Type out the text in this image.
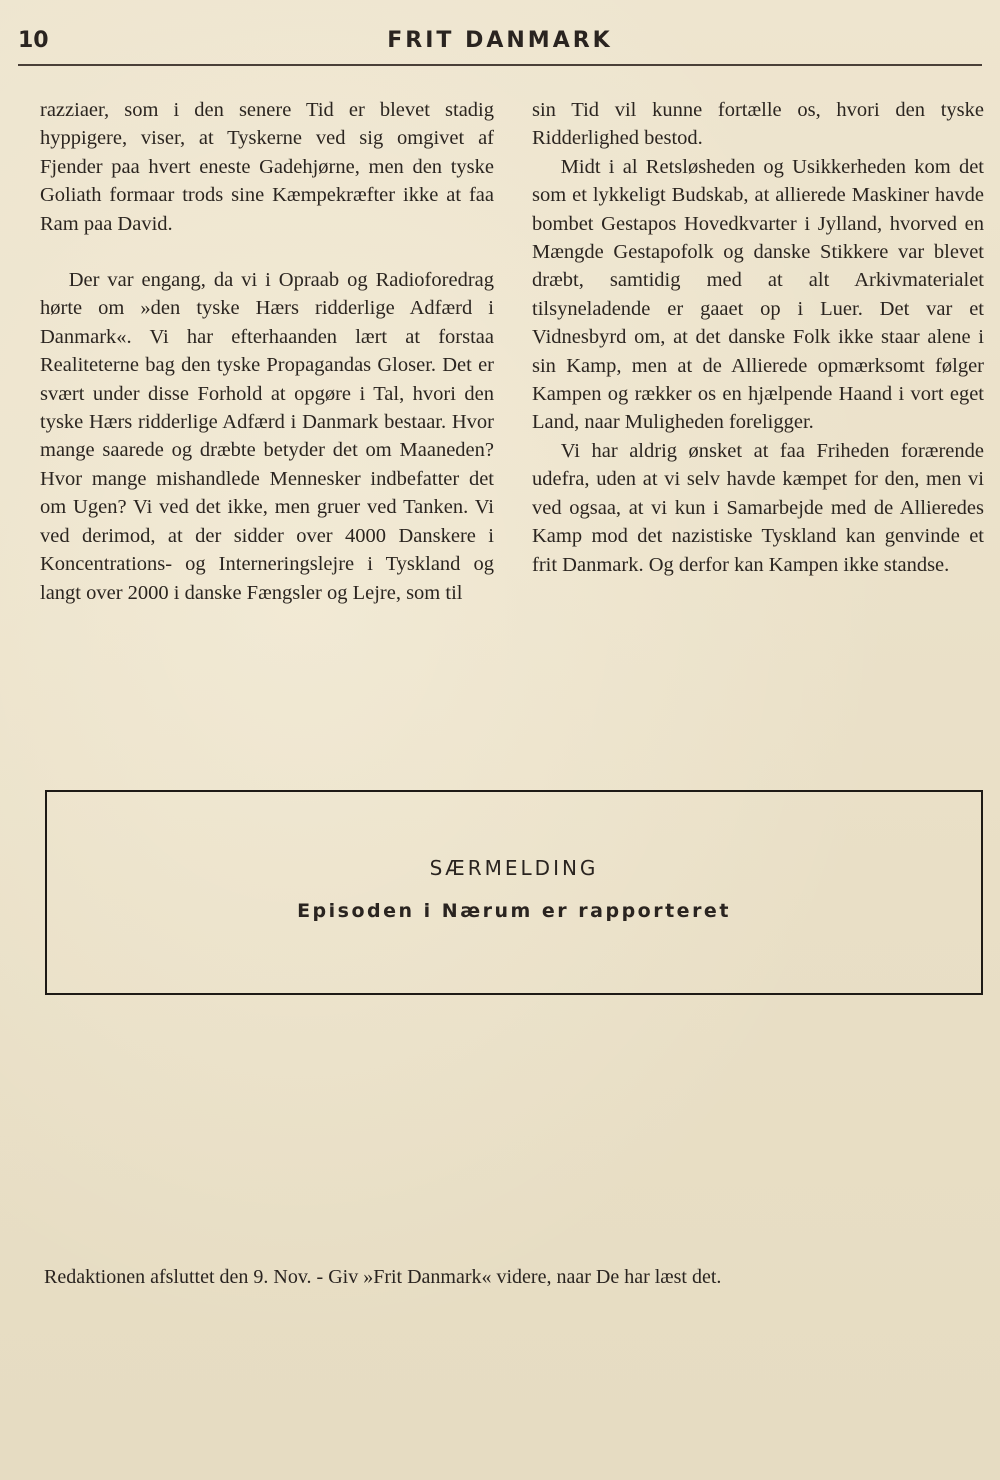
10	FRIT DANMARK

razziaer, som i den senere Tid er blevet stadig hyppigere, viser, at Tyskerne ved sig omgivet af Fjender paa hvert eneste Gadehjørne, men den tyske Goliath formaar trods sine Kæmpekræfter ikke at faa Ram paa David.

Der var engang, da vi i Opraab og Radioforedrag hørte om »den tyske Hærs ridderlige Adfærd i Danmark«. Vi har efterhaanden lært at forstaa Realiteterne bag den tyske Propagandas Gloser. Det er svært under disse Forhold at opgøre i Tal, hvori den tyske Hærs ridderlige Adfærd i Danmark bestaar. Hvor mange saarede og dræbte betyder det om Maaneden? Hvor mange mishandlede Mennesker indbefatter det om Ugen? Vi ved det ikke, men gruer ved Tanken. Vi ved derimod, at der sidder over 4000 Danskere i Koncentrations- og Interneringslejre i Tyskland og langt over 2000 i danske Fængsler og Lejre, som til

sin Tid vil kunne fortælle os, hvori den tyske Ridderlighed bestod.

Midt i al Retsløsheden og Usikkerheden kom det som et lykkeligt Budskab, at allierede Maskiner havde bombet Gestapos Hovedkvarter i Jylland, hvorved en Mængde Gestapofolk og danske Stikkere var blevet dræbt, samtidig med at alt Arkivmaterialet tilsyneladende er gaaet op i Luer. Det var et Vidnesbyrd om, at det danske Folk ikke staar alene i sin Kamp, men at de Allierede opmærksomt følger Kampen og rækker os en hjælpende Haand i vort eget Land, naar Muligheden foreligger.

Vi har aldrig ønsket at faa Friheden forærende udefra, uden at vi selv havde kæmpet for den, men vi ved ogsaa, at vi kun i Samarbejde med de Allieredes Kamp mod det nazistiske Tyskland kan genvinde et frit Danmark. Og derfor kan Kampen ikke standse.

SÆRMELDING
Episoden i Nærum er rapporteret
Redaktionen afsluttet den 9. Nov. - Giv »Frit Danmark« videre, naar De har læst det.
